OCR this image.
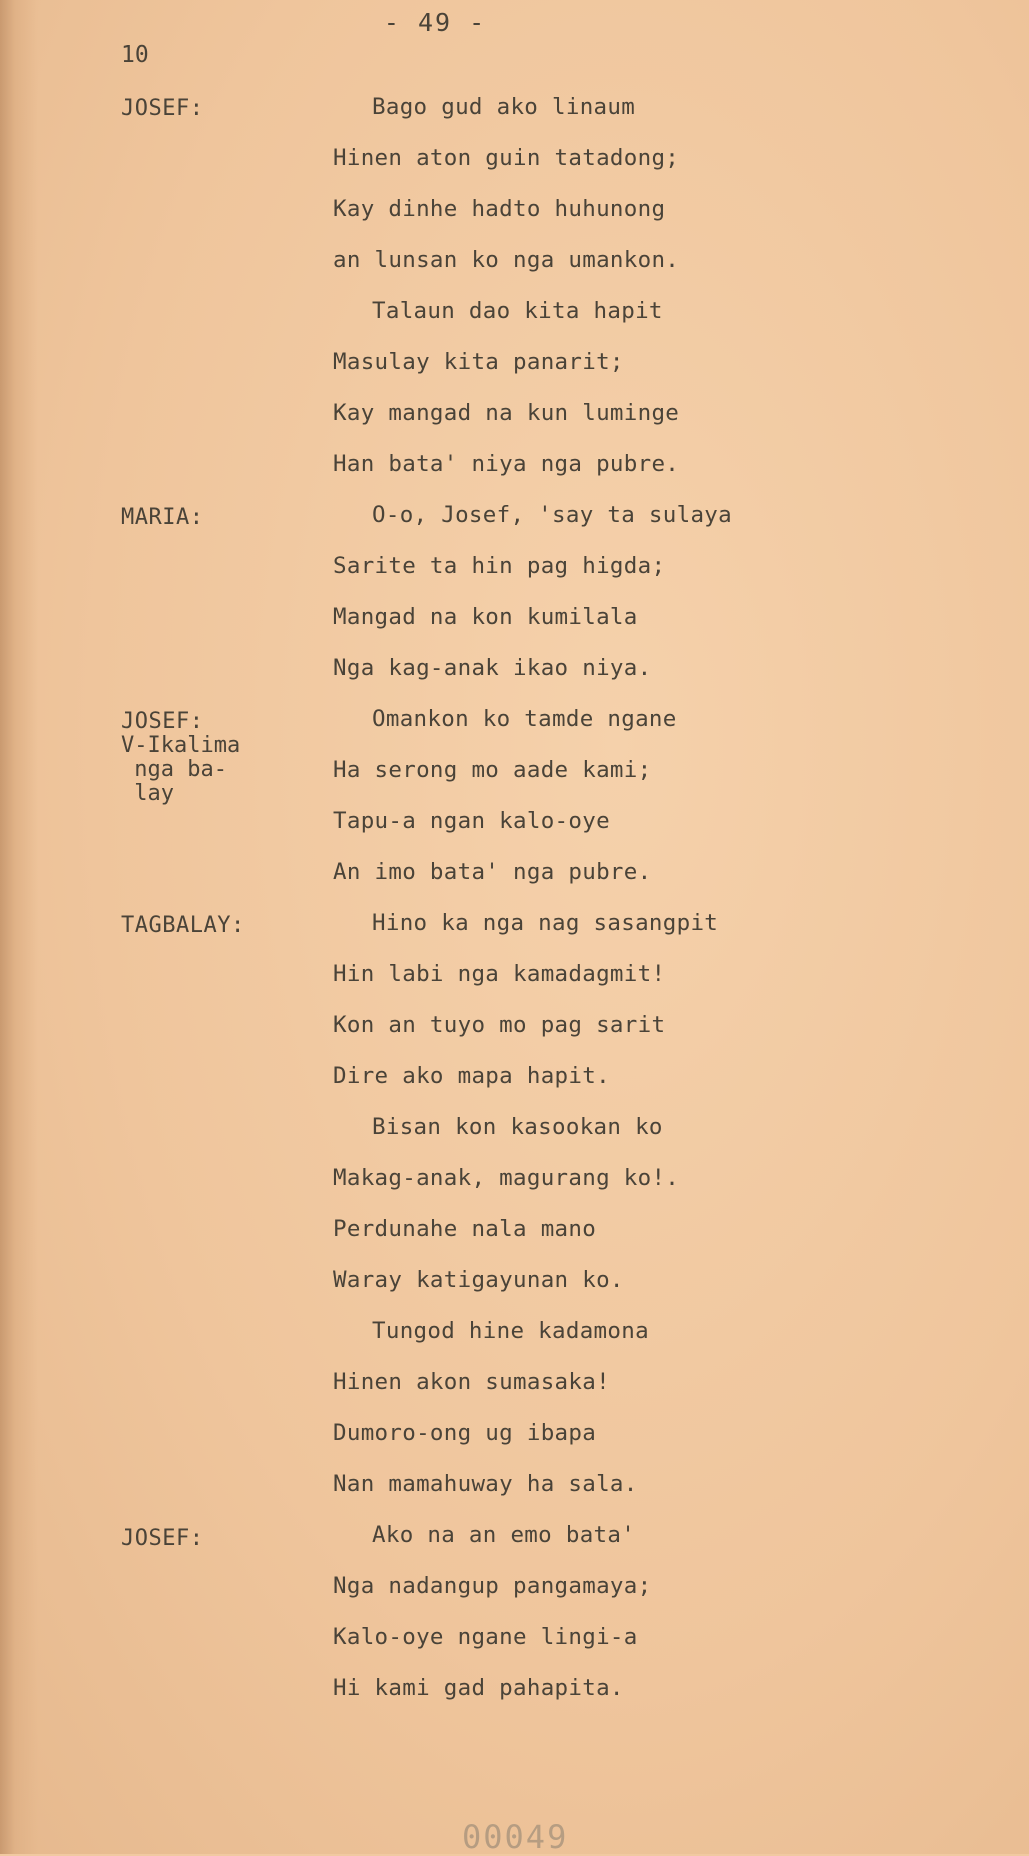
- 49 -
10
JOSEF:
MARIA:
JOSEF:
V-Ikalima
nga ba-
lay
TAGBALAY:
JOSEF:
Bago gud ako linaum
Hinen aton guin tatadong;
Kay dinhe hadto huhunong
an lunsan ko nga umankon.
Talaun dao kita hapit
Masulay kita panarit;
Kay mangad na kun luminge
Han bata' niya nga pubre.
O-o, Josef, 'say ta sulaya
Sarite ta hin pag higda;
Mangad na kon kumilala
Nga kag-anak ikao niya.
Omankon ko tamde ngane
Ha serong mo aade kami;
Tapu-a ngan kalo-oye
An imo bata' nga pubre.
Hino ka nga nag sasangpit
Hin labi nga kamadagmit!
Kon an tuyo mo pag sarit
Dire ako mapa hapit.
Bisan kon kasookan ko
Makag-anak, magurang ko!.
Perdunahe nala mano
Waray katigayunan ko.
Tungod hine kadamona
Hinen akon sumasaka!
Dumoro-ong ug ibapa
Nan mamahuway ha sala.
Ako na an emo bata'
Nga nadangup pangamaya;
Kalo-oye ngane lingi-a
Hi kami gad pahapita.
00049
